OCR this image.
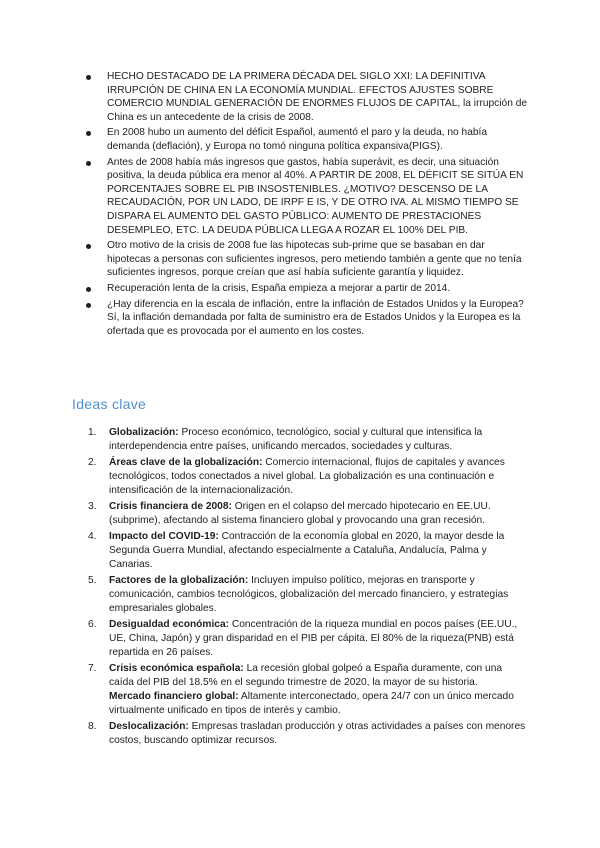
HECHO DESTACADO DE LA PRIMERA DÉCADA DEL SIGLO XXI: LA DEFINITIVA IRRUPCIÓN DE CHINA EN LA ECONOMÍA MUNDIAL. EFECTOS AJUSTES SOBRE COMERCIO MUNDIAL GENERACIÓN DE ENORMES FLUJOS DE CAPITAL, la irrupción de China es un antecedente de la crisis de 2008.
En 2008 hubo un aumento del déficit Español, aumentó el paro y la deuda, no había demanda (deflación), y Europa no tomó ninguna política expansiva(PIGS).
Antes de 2008 había más ingresos que gastos, había superávit, es decir, una situación positiva, la deuda pública era menor al 40%. A PARTIR DE 2008, EL DÉFICIT SE SITÚA EN PORCENTAJES SOBRE EL PIB INSOSTENIBLES. ¿MOTIVO? DESCENSO DE LA RECAUDACIÓN, POR UN LADO, DE IRPF E IS, Y DE OTRO IVA. AL MISMO TIEMPO SE DISPARA EL AUMENTO DEL GASTO PÚBLICO: AUMENTO DE PRESTACIONES DESEMPLEO, ETC. LA DEUDA PÚBLICA LLEGA A ROZAR EL 100% DEL PIB.
Otro motivo de la crisis de 2008 fue las hipotecas sub-prime que se basaban en dar hipotecas a personas con suficientes ingresos, pero metiendo también a gente que no tenía suficientes ingresos, porque creían que así había suficiente garantía y liquidez.
Recuperación lenta de la crisis, España empieza a mejorar a partir de 2014.
¿Hay diferencia en la escala de inflación, entre la inflación de Estados Unidos y la Europea? Sí, la inflación demandada por falta de suministro era de Estados Unidos y la Europea es la ofertada que es provocada por el aumento en los costes.
Ideas clave
1. Globalización: Proceso económico, tecnológico, social y cultural que intensifica la interdependencia entre países, unificando mercados, sociedades y culturas.
2. Áreas clave de la globalización: Comercio internacional, flujos de capitales y avances tecnológicos, todos conectados a nivel global. La globalización es una continuación e intensificación de la internacionalización.
3. Crisis financiera de 2008: Origen en el colapso del mercado hipotecario en EE.UU. (subprime), afectando al sistema financiero global y provocando una gran recesión.
4. Impacto del COVID-19: Contracción de la economía global en 2020, la mayor desde la Segunda Guerra Mundial, afectando especialmente a Cataluña, Andalucía, Palma y Canarias.
5. Factores de la globalización: Incluyen impulso político, mejoras en transporte y comunicación, cambios tecnológicos, globalización del mercado financiero, y estrategias empresariales globales.
6. Desigualdad económica: Concentración de la riqueza mundial en pocos países (EE.UU., UE, China, Japón) y gran disparidad en el PIB per cápita. El 80% de la riqueza(PNB) está repartida en 26 países.
7. Crisis económica española: La recesión global golpeó a España duramente, con una caída del PIB del 18.5% en el segundo trimestre de 2020, la mayor de su historia.
Mercado financiero global: Altamente interconectado, opera 24/7 con un único mercado virtualmente unificado en tipos de interés y cambio.
8. Deslocalización: Empresas trasladan producción y otras actividades a países con menores costos, buscando optimizar recursos.
